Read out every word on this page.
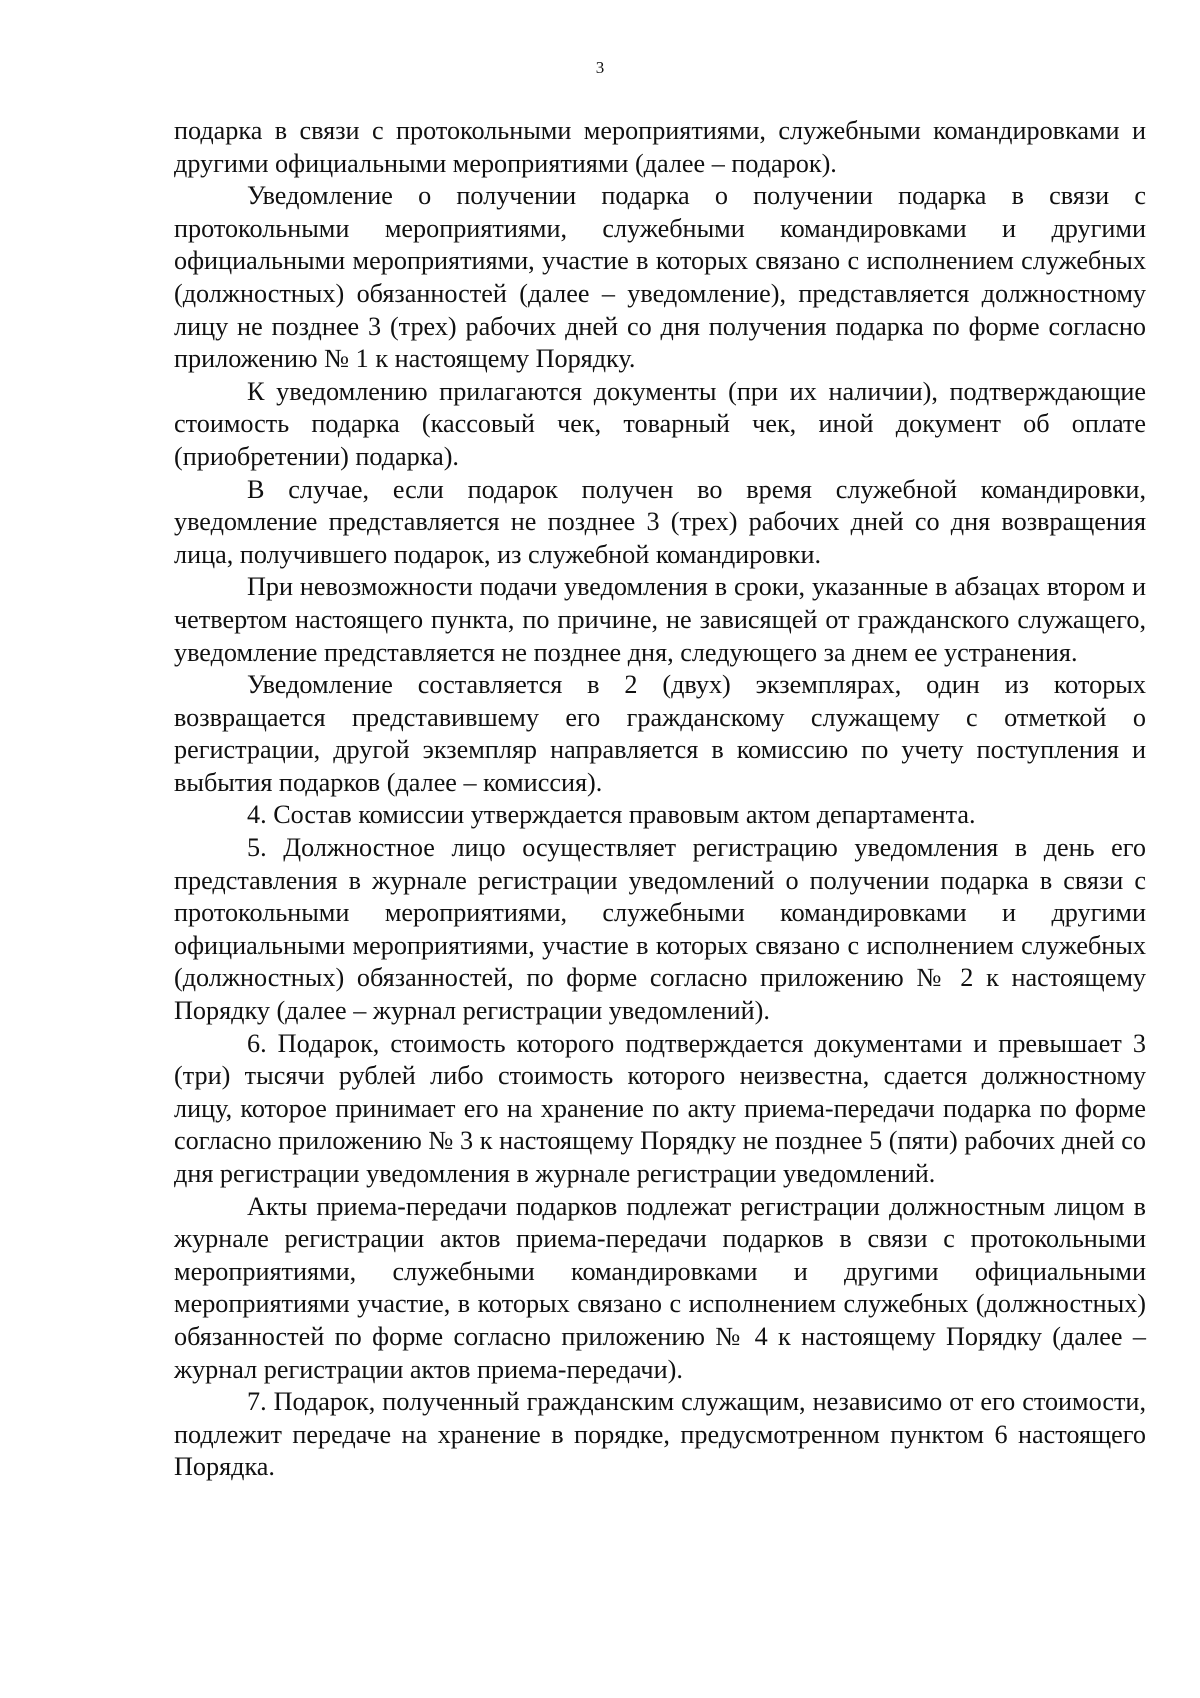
3

подарка в связи с протокольными мероприятиями, служебными командировками и другими официальными мероприятиями (далее – подарок).

Уведомление о получении подарка о получении подарка в связи с протокольными мероприятиями, служебными командировками и другими официальными мероприятиями, участие в которых связано с исполнением служебных (должностных) обязанностей (далее – уведомление), представляется должностному лицу не позднее 3 (трех) рабочих дней со дня получения подарка по форме согласно приложению № 1 к настоящему Порядку.

К уведомлению прилагаются документы (при их наличии), подтверждающие стоимость подарка (кассовый чек, товарный чек, иной документ об оплате (приобретении) подарка).

В случае, если подарок получен во время служебной командировки, уведомление представляется не позднее 3 (трех) рабочих дней со дня возвращения лица, получившего подарок, из служебной командировки.

При невозможности подачи уведомления в сроки, указанные в абзацах втором и четвертом настоящего пункта, по причине, не зависящей от гражданского служащего, уведомление представляется не позднее дня, следующего за днем ее устранения.

Уведомление составляется в 2 (двух) экземплярах, один из которых возвращается представившему его гражданскому служащему с отметкой о регистрации, другой экземпляр направляется в комиссию по учету поступления и выбытия подарков (далее – комиссия).

4. Состав комиссии утверждается правовым актом департамента.

5. Должностное лицо осуществляет регистрацию уведомления в день его представления в журнале регистрации уведомлений о получении подарка в связи с протокольными мероприятиями, служебными командировками и другими официальными мероприятиями, участие в которых связано с исполнением служебных (должностных) обязанностей, по форме согласно приложению № 2 к настоящему Порядку (далее – журнал регистрации уведомлений).

6. Подарок, стоимость которого подтверждается документами и превышает 3 (три) тысячи рублей либо стоимость которого неизвестна, сдается должностному лицу, которое принимает его на хранение по акту приема-передачи подарка по форме согласно приложению № 3 к настоящему Порядку не позднее 5 (пяти) рабочих дней со дня регистрации уведомления в журнале регистрации уведомлений.

Акты приема-передачи подарков подлежат регистрации должностным лицом в журнале регистрации актов приема-передачи подарков в связи с протокольными мероприятиями, служебными командировками и другими официальными мероприятиями участие, в которых связано с исполнением служебных (должностных) обязанностей по форме согласно приложению № 4 к настоящему Порядку (далее – журнал регистрации актов приема-передачи).

7. Подарок, полученный гражданским служащим, независимо от его стоимости, подлежит передаче на хранение в порядке, предусмотренном пунктом 6 настоящего Порядка.
